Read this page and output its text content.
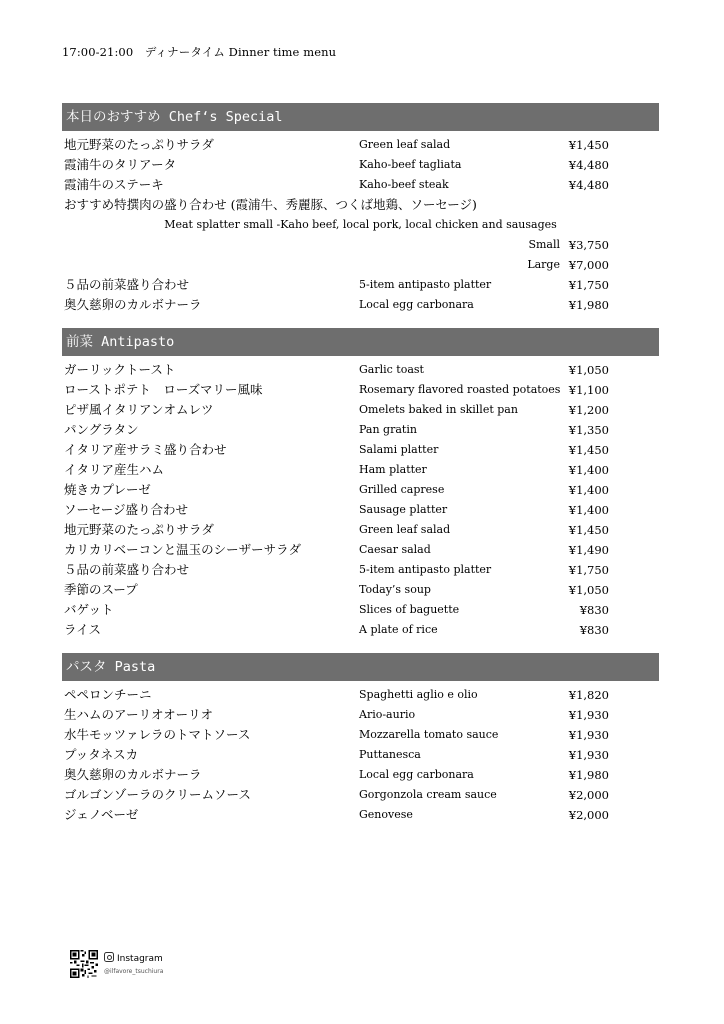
17:00-21:00　ディナータイム Dinner time menu
本日のおすすめ Chef‘s Special
地元野菜のたっぷりサラダ	Green leaf salad	¥1,450
霞浦牛のタリアータ	Kaho-beef tagliata	¥4,480
霞浦牛のステーキ	Kaho-beef steak	¥4,480
おすすめ特撰肉の盛り合わせ (霞浦牛、秀麗豚、つくば地鶏、ソーセージ)
Meat splatter small -Kaho beef, local pork, local chicken and sausages
Small ¥3,750
Large ¥7,000
５品の前菜盛り合わせ	5-item antipasto platter	¥1,750
奥久慈卵のカルボナーラ	Local egg carbonara	¥1,980
前菜 Antipasto
ガーリックトースト	Garlic toast	¥1,050
ローストポテト　ローズマリー風味	Rosemary flavored roasted potatoes ¥1,100
ピザ風イタリアンオムレツ	Omelets baked in skillet pan	¥1,200
パングラタン	Pan gratin	¥1,350
イタリア産サラミ盛り合わせ	Salami platter	¥1,450
イタリア産生ハム	Ham platter	¥1,400
焼きカプレーゼ	Grilled caprese	¥1,400
ソーセージ盛り合わせ	Sausage platter	¥1,400
地元野菜のたっぷりサラダ	Green leaf salad	¥1,450
カリカリベーコンと温玉のシーザーサラダ	Caesar salad	¥1,490
５品の前菜盛り合わせ	5-item antipasto platter	¥1,750
季節のスープ	Today’s soup	¥1,050
バゲット	Slices of baguette	¥830
ライス	A plate of rice	¥830
パスタ Pasta
ペペロンチーニ	Spaghetti aglio e olio	¥1,820
生ハムのアーリオオーリオ	Ario-aurio	¥1,930
水牛モッツァレラのトマトソース	Mozzarella tomato sauce	¥1,930
プッタネスカ	Puttanesca	¥1,930
奥久慈卵のカルボナーラ	Local egg carbonara	¥1,980
ゴルゴンゾーラのクリームソース	Gorgonzola cream sauce	¥2,000
ジェノベーゼ	Genovese	¥2,000
Instagram
@ilfavore_tsuchiura
